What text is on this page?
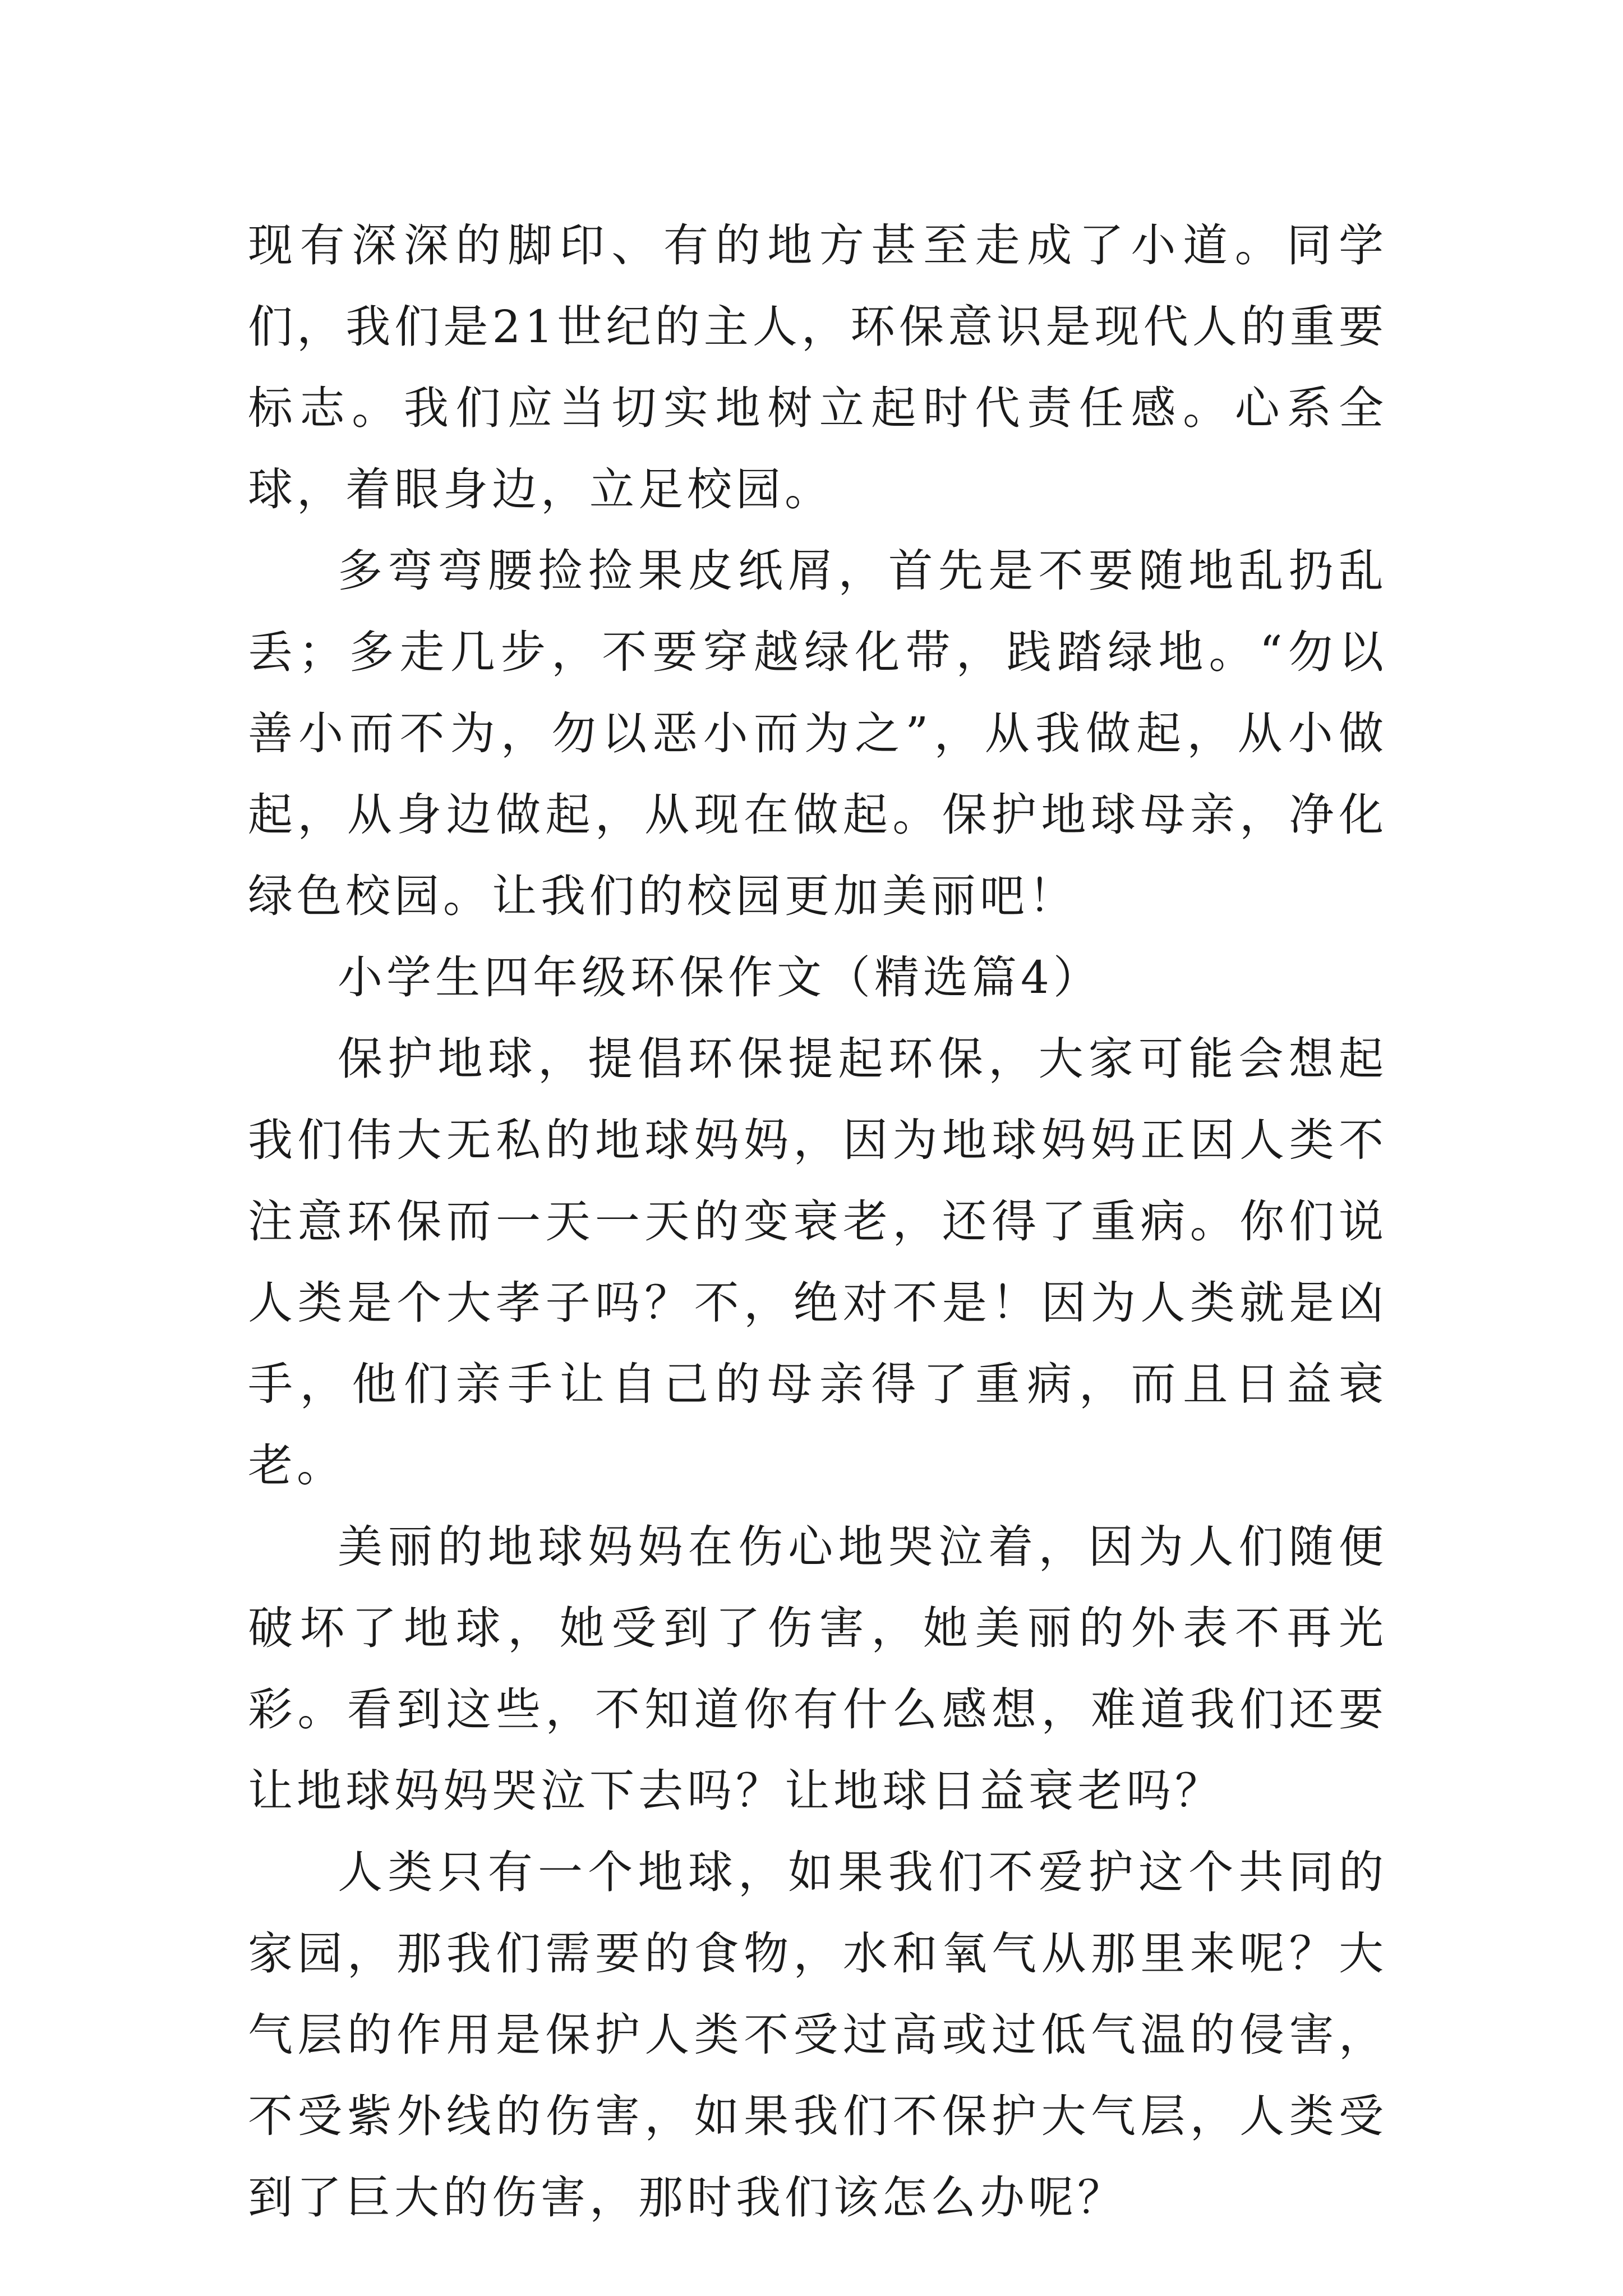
现有深深的脚印、有的地方甚至走成了小道。同学们，我们是21世纪的主人，环保意识是现代人的重要标志。我们应当切实地树立起时代责任感。心系全球，着眼身边，立足校园。

多弯弯腰捡捡果皮纸屑，首先是不要随地乱扔乱丢；多走几步，不要穿越绿化带，践踏绿地。“勿以善小而不为，勿以恶小而为之”，从我做起，从小做起，从身边做起，从现在做起。保护地球母亲，净化绿色校园。让我们的校园更加美丽吧！

小学生四年级环保作文（精选篇4）

保护地球，提倡环保提起环保，大家可能会想起我们伟大无私的地球妈妈，因为地球妈妈正因人类不注意环保而一天一天的变衰老，还得了重病。你们说人类是个大孝子吗？不，绝对不是！因为人类就是凶手，他们亲手让自己的母亲得了重病，而且日益衰老。

美丽的地球妈妈在伤心地哭泣着，因为人们随便破坏了地球，她受到了伤害，她美丽的外表不再光彩。看到这些，不知道你有什么感想，难道我们还要让地球妈妈哭泣下去吗？让地球日益衰老吗？

人类只有一个地球，如果我们不爱护这个共同的家园，那我们需要的食物，水和氧气从那里来呢？大气层的作用是保护人类不受过高或过低气温的侵害，不受紫外线的伤害，如果我们不保护大气层，人类受到了巨大的伤害，那时我们该怎么办呢？
